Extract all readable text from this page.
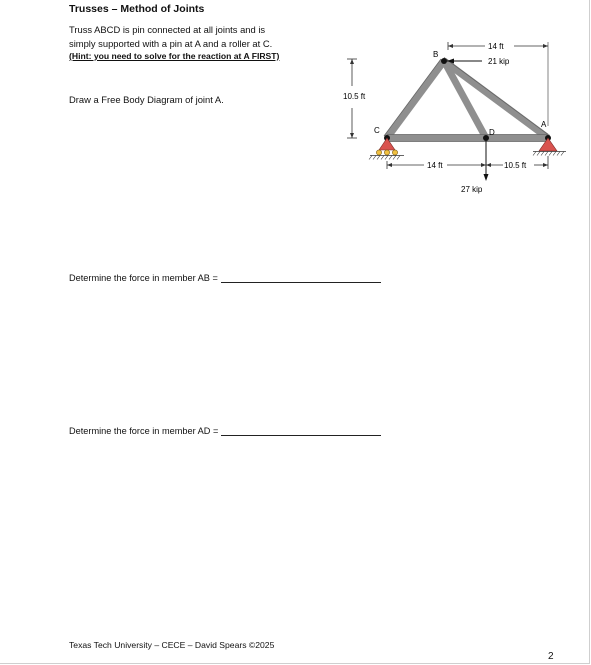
Trusses – Method of Joints
Truss ABCD is pin connected at all joints and is
simply supported with a pin at A and a roller at C.
(Hint: you need to solve for the reaction at A FIRST)
Draw a Free Body Diagram of joint A.
B
C	D
A
10.5 ft
14 ft
21 kip
27 kip
14 ft	10.5 ft
Determine the force in member AB =
Determine the force in member AD =
Texas Tech University – CECE – David Spears ©2025
2
